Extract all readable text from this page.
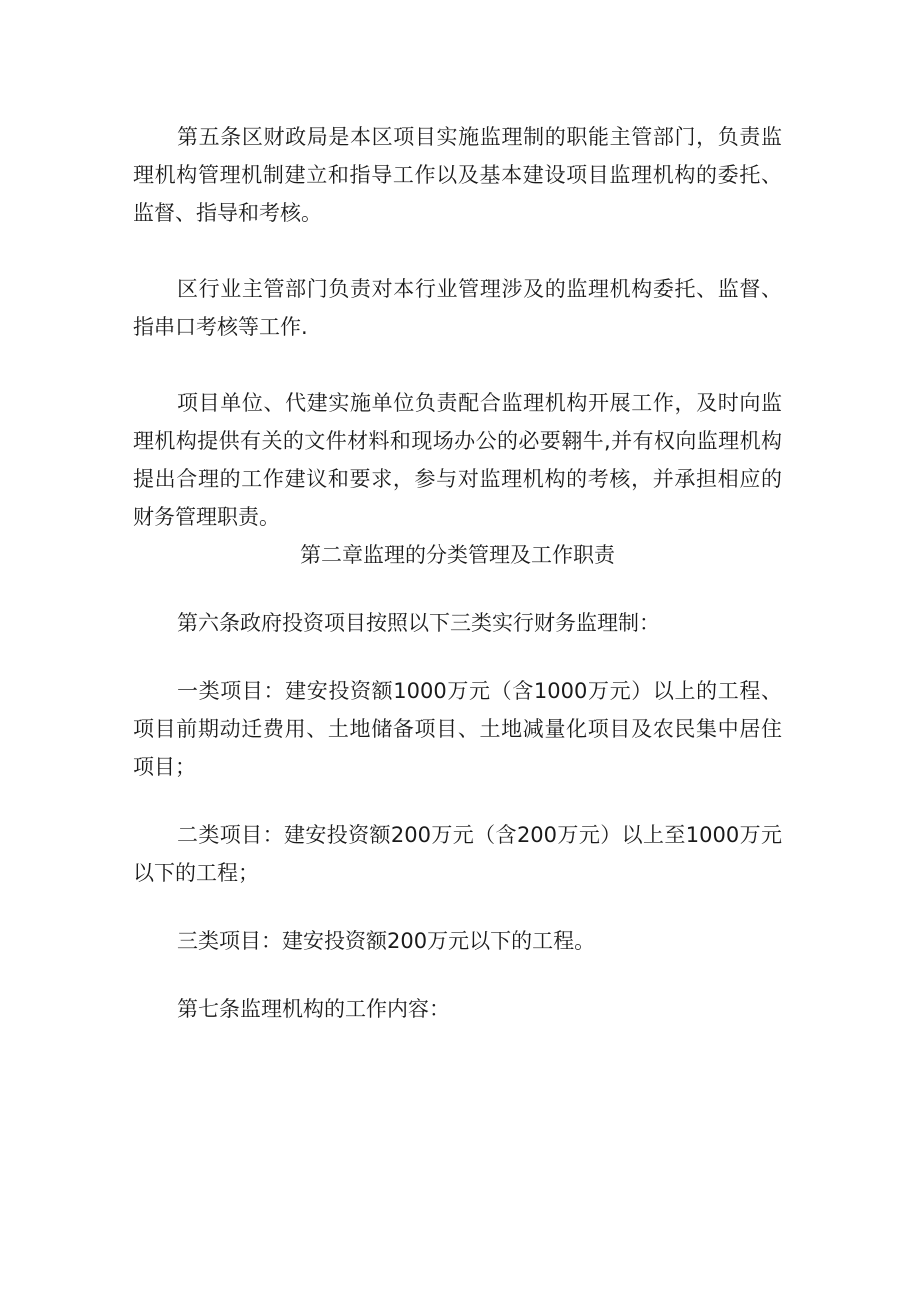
第五条区财政局是本区项目实施监理制的职能主管部门，负责监理机构管理机制建立和指导工作以及基本建设项目监理机构的委托、监督、指导和考核。

区行业主管部门负责对本行业管理涉及的监理机构委托、监督、指串口考核等工作.

项目单位、代建实施单位负责配合监理机构开展工作，及时向监理机构提供有关的文件材料和现场办公的必要翱牛,并有权向监理机构提出合理的工作建议和要求，参与对监理机构的考核，并承担相应的财务管理职责。

第二章监理的分类管理及工作职责

第六条政府投资项目按照以下三类实行财务监理制：

一类项目：建安投资额1000万元（含1000万元）以上的工程、项目前期动迁费用、土地储备项目、土地减量化项目及农民集中居住项目；

二类项目：建安投资额200万元（含200万元）以上至1000万元以下的工程；

三类项目：建安投资额200万元以下的工程。

第七条监理机构的工作内容：
